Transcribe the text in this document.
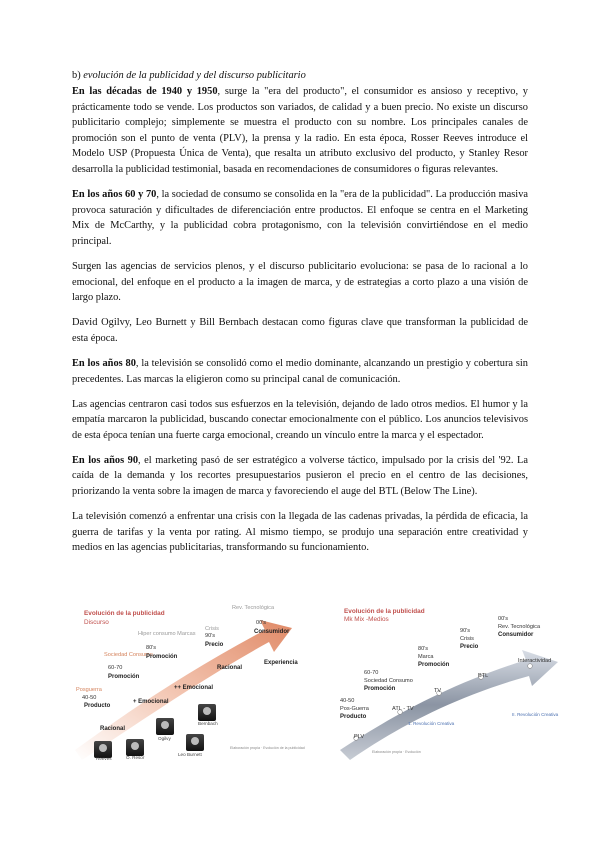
b) evolución de la publicidad y del discurso publicitario

En las décadas de 1940 y 1950, surge la "era del producto", el consumidor es ansioso y receptivo, y prácticamente todo se vende. Los productos son variados, de calidad y a buen precio. No existe un discurso publicitario complejo; simplemente se muestra el producto con su nombre. Los principales canales de promoción son el punto de venta (PLV), la prensa y la radio. En esta época, Rosser Reeves introduce el Modelo USP (Propuesta Única de Venta), que resalta un atributo exclusivo del producto, y Stanley Resor desarrolla la publicidad testimonial, basada en recomendaciones de consumidores o figuras relevantes.

En los años 60 y 70, la sociedad de consumo se consolida en la "era de la publicidad". La producción masiva provoca saturación y dificultades de diferenciación entre productos. El enfoque se centra en el Marketing Mix de McCarthy, y la publicidad cobra protagonismo, con la televisión convirtiéndose en el medio principal.

Surgen las agencias de servicios plenos, y el discurso publicitario evoluciona: se pasa de lo racional a lo emocional, del enfoque en el producto a la imagen de marca, y de estrategias a corto plazo a una visión de largo plazo.

David Ogilvy, Leo Burnett y Bill Bernbach destacan como figuras clave que transforman la publicidad de esta época.

En los años 80, la televisión se consolidó como el medio dominante, alcanzando un prestigio y cobertura sin precedentes. Las marcas la eligieron como su principal canal de comunicación.

Las agencias centraron casi todos sus esfuerzos en la televisión, dejando de lado otros medios. El humor y la empatía marcaron la publicidad, buscando conectar emocionalmente con el público. Los anuncios televisivos de esta época tenían una fuerte carga emocional, creando un vínculo entre la marca y el espectador.

En los años 90, el marketing pasó de ser estratégico a volverse táctico, impulsado por la crisis del '92. La caída de la demanda y los recortes presupuestarios pusieron el precio en el centro de las decisiones, priorizando la venta sobre la imagen de marca y favoreciendo el auge del BTL (Below The Line).

La televisión comenzó a enfrentar una crisis con la llegada de las cadenas privadas, la pérdida de eficacia, la guerra de tarifas y la venta por rating. Al mismo tiempo, se produjo una separación entre creatividad y medios en las agencias publicitarias, transformando su funcionamiento.

Evolución de la publicidad
Discurso
Posguerra
40-50
Producto
Sociedad Consumo
60-70
Promoción
Hiper consumo Marcas
80's
Promoción
Crisis
90's
Precio
Rev. Tecnológica
00's
Consumidor
Racional
+ Emocional
++ Emocional
Racional
Experiencia
Reeves	O. Resor
Ogilvy
Leo Burnett
Bernbach
Elaboración propia · Evolución de la publicidad
Evolución de la publicidad
Mk Mix -Medios
40-50
Pos-Guerra
Producto
60-70
Sociedad Consumo
Promoción
80's
Marca
Promoción
90's
Crisis
Precio
00's
Rev. Tecnológica
Consumidor
PLV
ATL - TV
TV
BTL
Interactividad
1. Revolución Creativa
II. Revolución Creativa
Elaboración propia · Evolución
